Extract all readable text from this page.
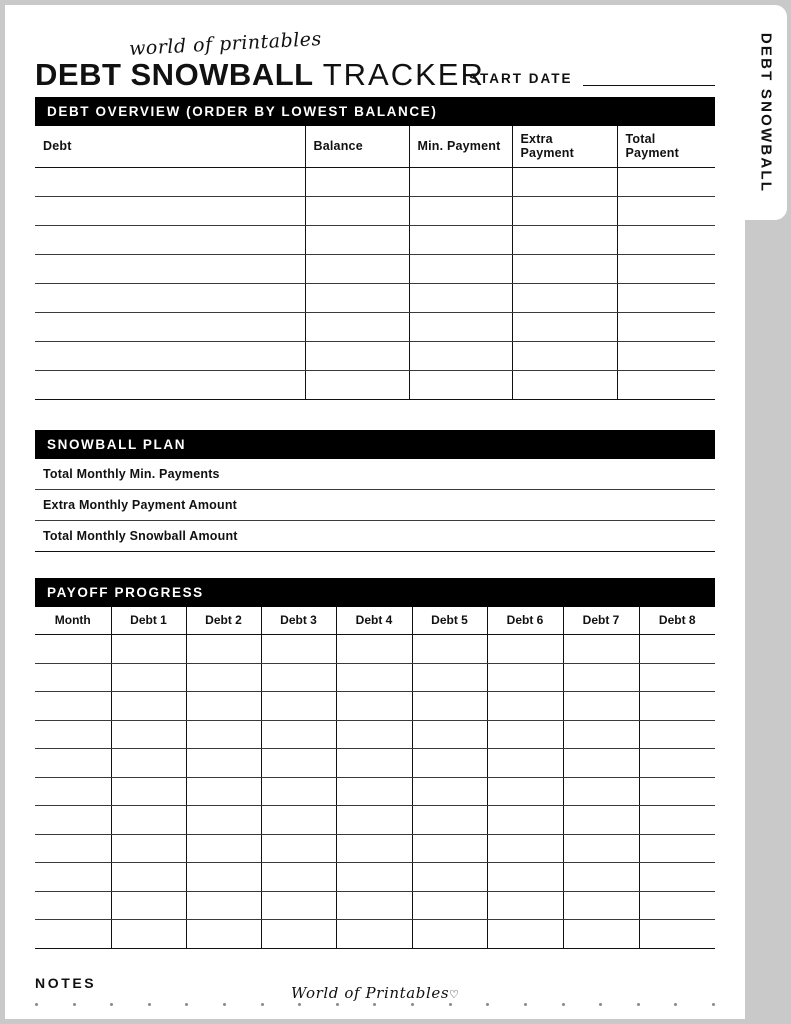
DEBT SNOWBALL
world of printables
DEBT SNOWBALL TRACKER
START DATE
DEBT OVERVIEW (ORDER BY LOWEST BALANCE)
Debt	Balance	Min. Payment	Extra Payment	Total Payment

SNOWBALL PLAN
Total Monthly Min. Payments
Extra Monthly Payment Amount
Total Monthly Snowball Amount
PAYOFF PROGRESS
Month	Debt 1	Debt 2	Debt 3	Debt 4	Debt 5	Debt 6	Debt 7	Debt 8

NOTES
World of Printables♡
